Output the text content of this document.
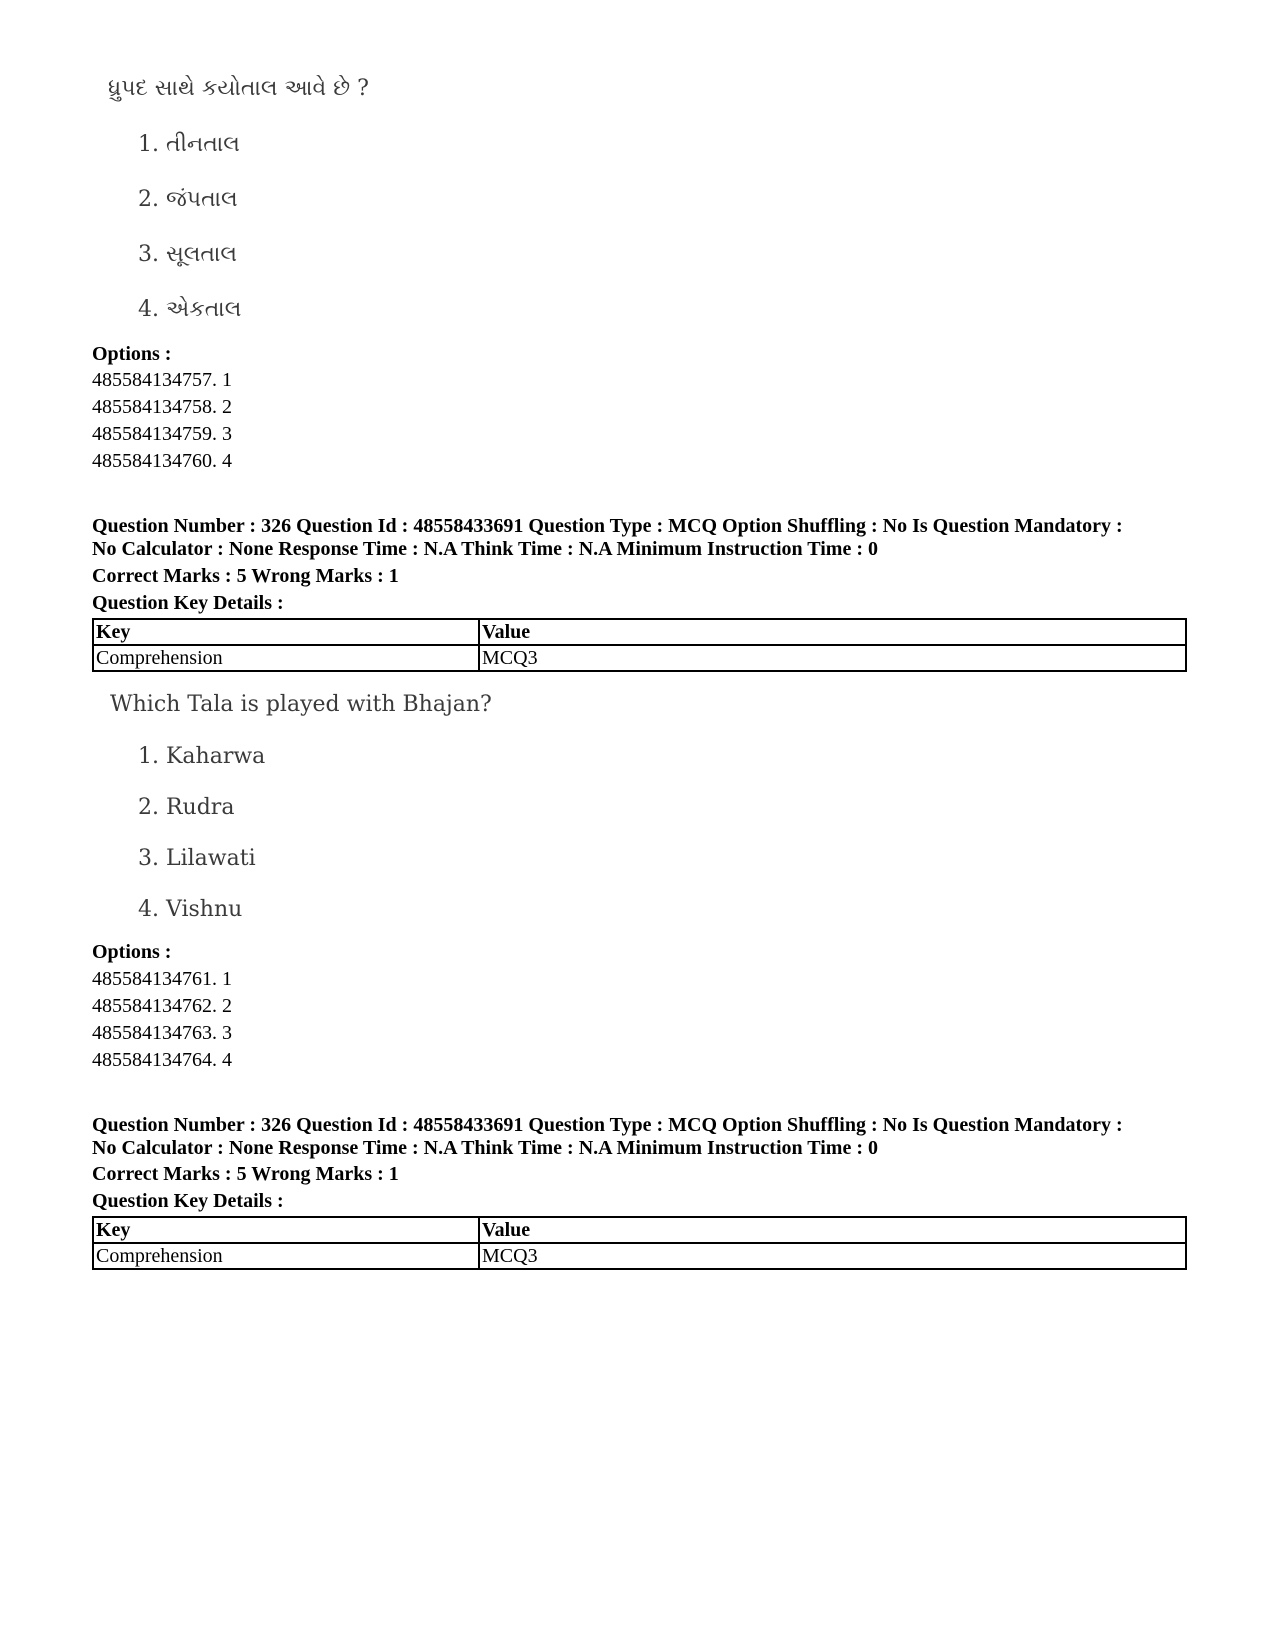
ધ્રુપદ સાથે કયોતાલ આવે છે ?
1. તીનતાલ
2. જંપતાલ
3. સૂલતાલ
4. એકતાલ
Options :
485584134757. 1
485584134758. 2
485584134759. 3
485584134760. 4
Question Number : 326 Question Id : 48558433691 Question Type : MCQ Option Shuffling : No Is Question Mandatory :
No Calculator : None Response Time : N.A Think Time : N.A Minimum Instruction Time : 0
Correct Marks : 5 Wrong Marks : 1
Question Key Details :
Key	Value
Comprehension	MCQ3
Which Tala is played with Bhajan?
1. Kaharwa
2. Rudra
3. Lilawati
4. Vishnu
Options :
485584134761. 1
485584134762. 2
485584134763. 3
485584134764. 4
Question Number : 326 Question Id : 48558433691 Question Type : MCQ Option Shuffling : No Is Question Mandatory :
No Calculator : None Response Time : N.A Think Time : N.A Minimum Instruction Time : 0
Correct Marks : 5 Wrong Marks : 1
Question Key Details :
Key	Value
Comprehension	MCQ3
